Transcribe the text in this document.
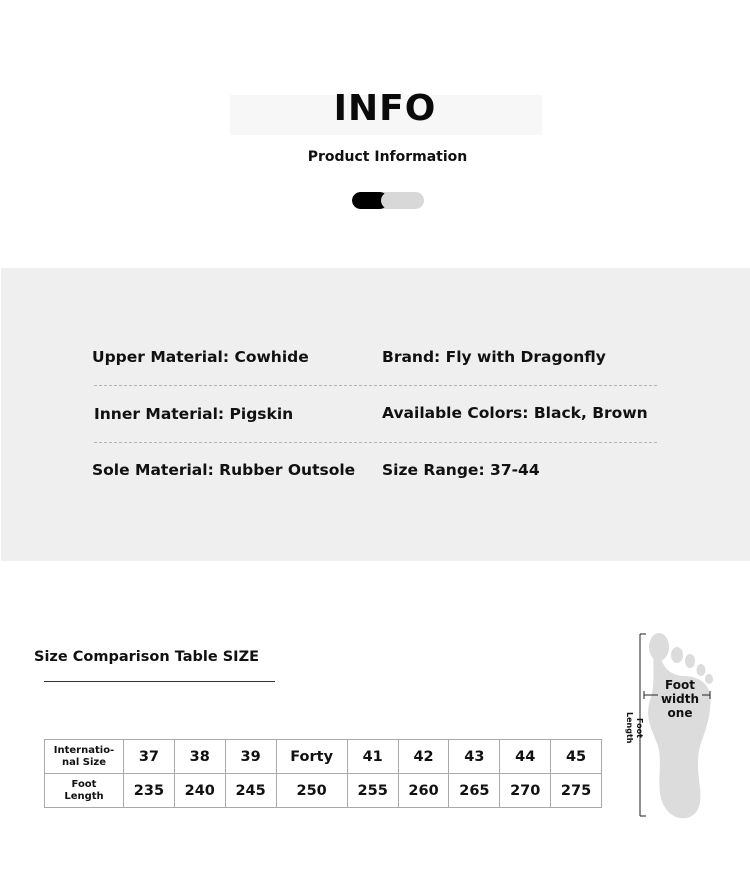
INFO
Product Information
Upper Material: Cowhide	Brand: Fly with Dragonfly
Inner Material: Pigskin	Available Colors: Black, Brown
Sole Material: Rubber Outsole Size Range: 37-44
Size Comparison Table SIZE
Internatio-
nal Size	37	38	39	Forty	41	42	43	44	45
Foot
Length	235	240	245	250	255	260	265	270	275
Foot
width
one
Foot
Length
